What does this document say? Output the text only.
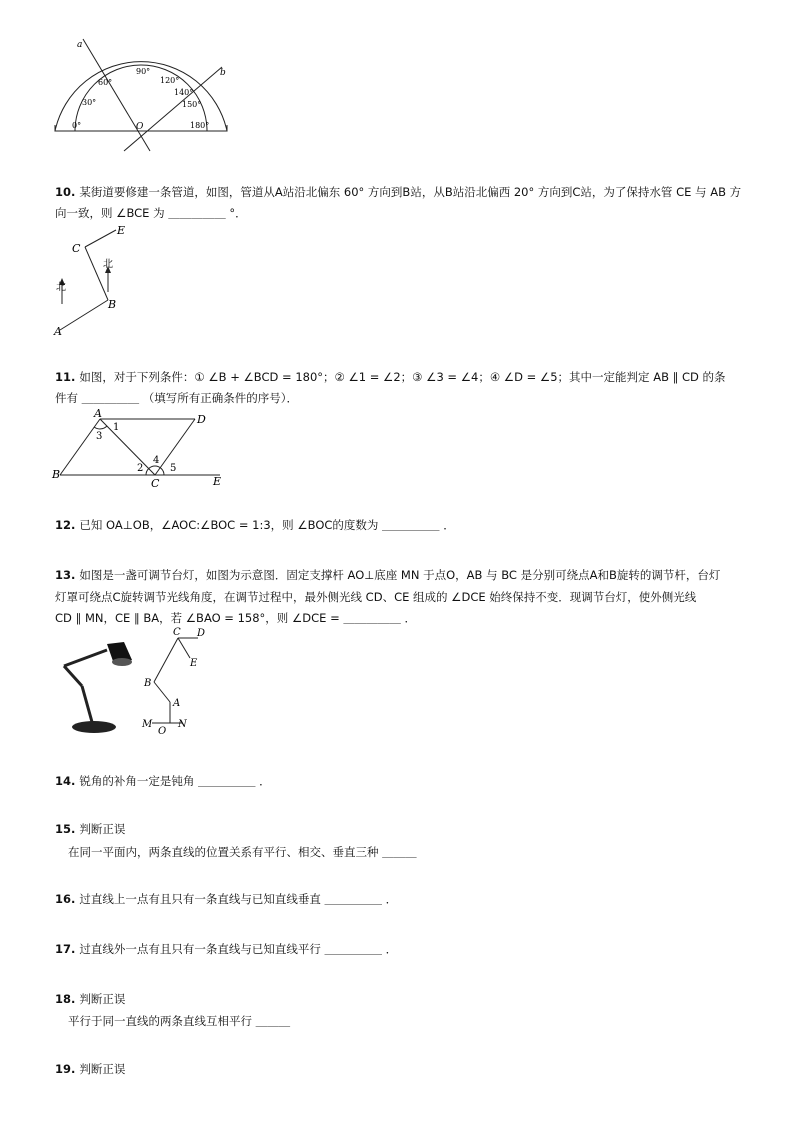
0°
30°
60°
90°
120°
140°
150°
180°
a
b
O
10. 某街道要修建一条管道，如图，管道从A站沿北偏东 60° 方向到B站，从B站沿北偏西 20° 方向到C站，为了保持水管 CE 与 AB 方
向一致，则 ∠BCE 为 ＿＿＿＿＿ °．
C
E
B
A
北
北
11. 如图，对于下列条件：① ∠B + ∠BCD = 180°；② ∠1 = ∠2；③ ∠3 = ∠4；④ ∠D = ∠5；其中一定能判定 AB ∥ CD 的条
件有 ＿＿＿＿＿ （填写所有正确条件的序号）．
A	D
B
C	E
1
3
2
4
5
12. 已知 OA⊥OB，∠AOC:∠BOC = 1:3，则 ∠BOC的度数为 ＿＿＿＿＿ ．
13. 如图是一盏可调节台灯，如图为示意图．固定支撑杆 AO⊥底座 MN 于点O，AB 与 BC 是分别可绕点A和B旋转的调节杆，台灯
灯罩可绕点C旋转调节光线角度，在调节过程中，最外侧光线 CD、CE 组成的 ∠DCE 始终保持不变．现调节台灯，使外侧光线
CD ∥ MN，CE ∥ BA，若 ∠BAO = 158°，则 ∠DCE = ＿＿＿＿＿ ．
C D
E
B
A
M
O
N
14. 锐角的补角一定是钝角 ＿＿＿＿＿ ．
15. 判断正误
在同一平面内，两条直线的位置关系有平行、相交、垂直三种 ＿＿＿
16. 过直线上一点有且只有一条直线与已知直线垂直 ＿＿＿＿＿ ．
17. 过直线外一点有且只有一条直线与已知直线平行 ＿＿＿＿＿ ．
18. 判断正误
平行于同一直线的两条直线互相平行 ＿＿＿
19. 判断正误
